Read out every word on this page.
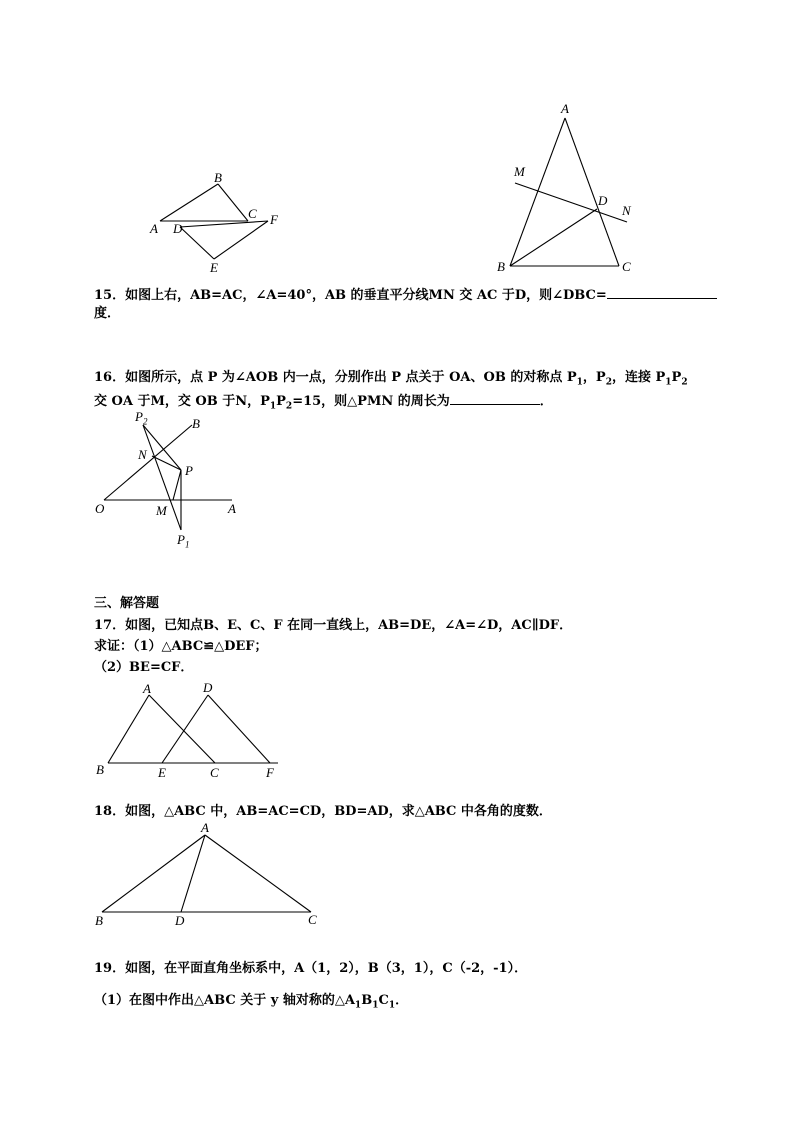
B
C
A D
F
E
A
M
D
N
B	C
15．如图上右，AB=AC，∠A=40°，AB 的垂直平分线MN 交 AC 于D，则∠DBC=
度．
16．如图所示，点 P 为∠AOB 内一点，分别作出 P 点关于 OA、OB 的对称点 $P_1$，$P_2$，连接 $P_1P_2$
交 OA 于M，交 OB 于N，$P_1P_2=15$，则△PMN 的周长为	．
$P_2$	B
N
P
O	M	A
$P_1$
三、解答题
17．如图，已知点B、E、C、F 在同一直线上，AB=DE，∠A=∠D，AC∥DF．
求证：（1）△ABC≌△DEF；
（2）BE=CF．
A	D
B	E	C	F
18．如图，△ABC 中，AB=AC=CD，BD=AD，求△ABC 中各角的度数．
A
B	D	C
19．如图，在平面直角坐标系中，A（1，2），B（3，1），C（-2，-1）．
（1）在图中作出△ABC 关于 y 轴对称的$\triangle A_1B_1C_1$．
